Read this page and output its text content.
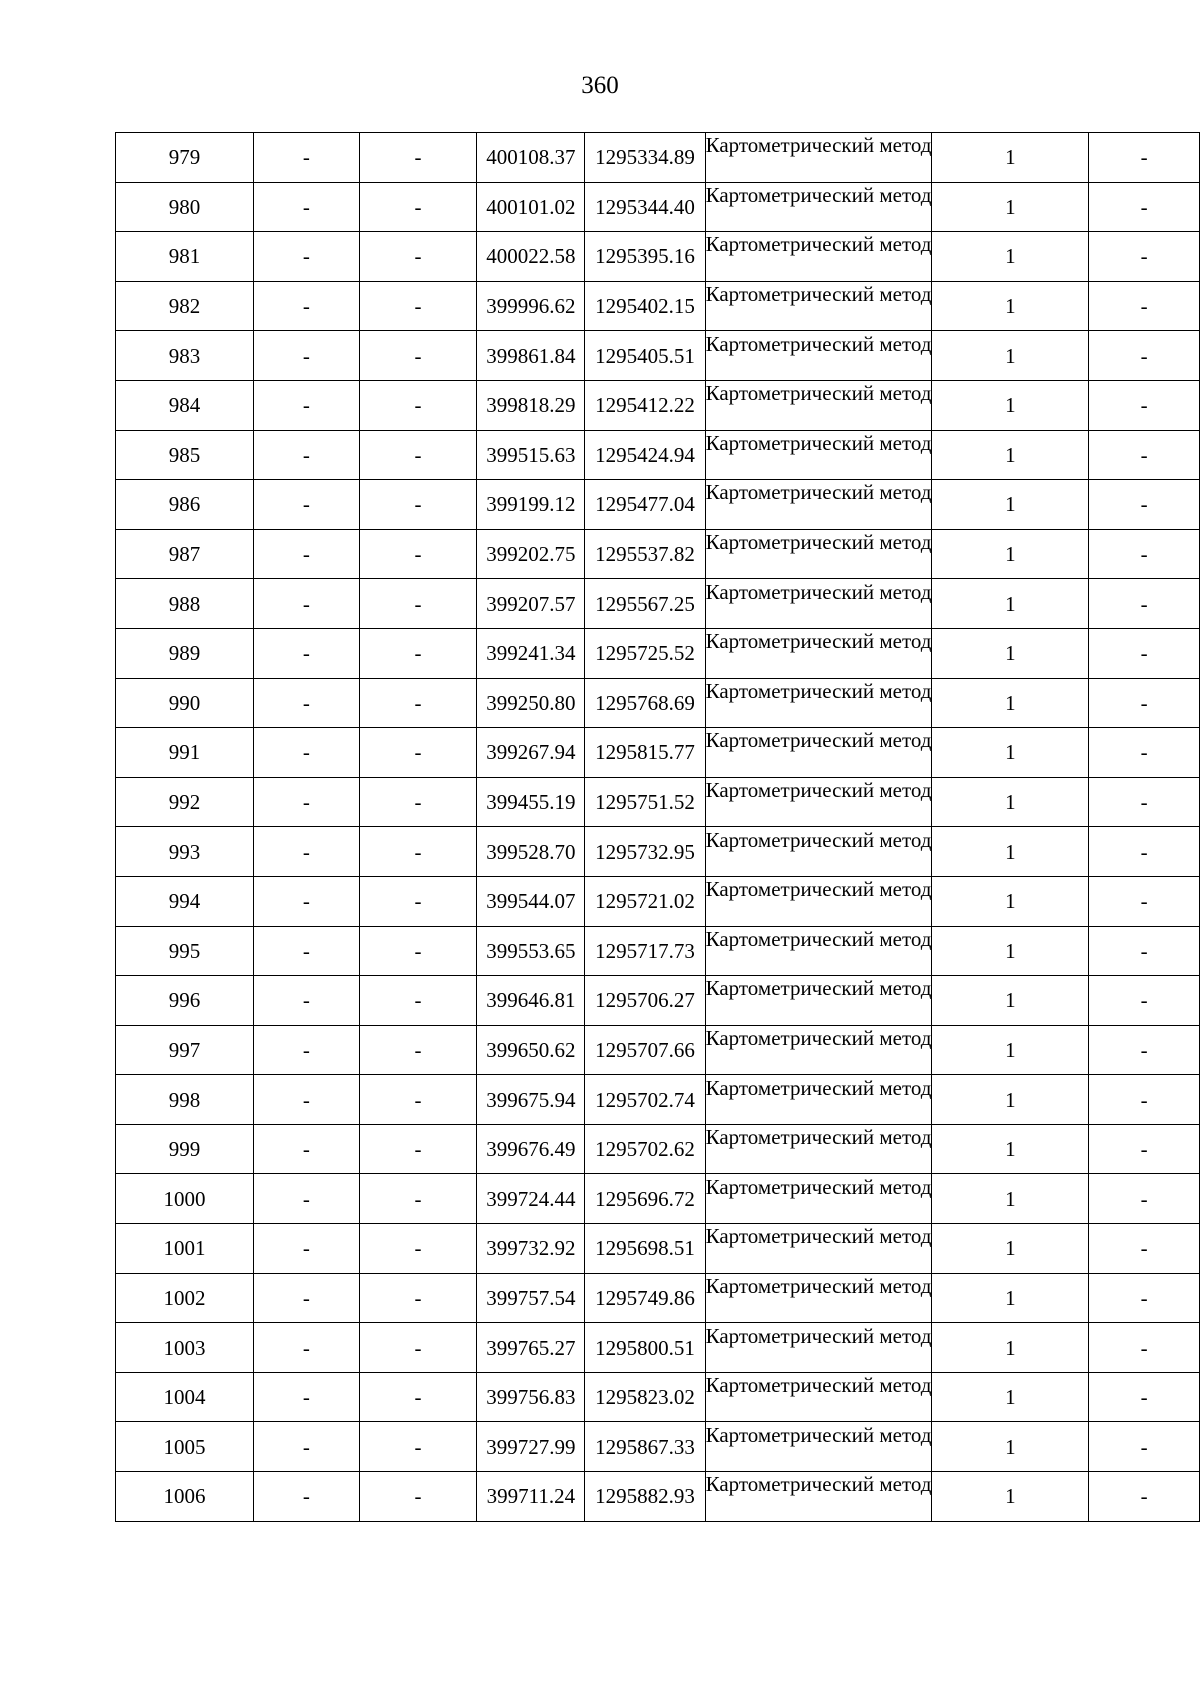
360
979	-	-	400108.37	1295334.89	Картометрический метод	1	-
980	-	-	400101.02	1295344.40	Картометрический метод	1	-
981	-	-	400022.58	1295395.16	Картометрический метод	1	-
982	-	-	399996.62	1295402.15	Картометрический метод	1	-
983	-	-	399861.84	1295405.51	Картометрический метод	1	-
984	-	-	399818.29	1295412.22	Картометрический метод	1	-
985	-	-	399515.63	1295424.94	Картометрический метод	1	-
986	-	-	399199.12	1295477.04	Картометрический метод	1	-
987	-	-	399202.75	1295537.82	Картометрический метод	1	-
988	-	-	399207.57	1295567.25	Картометрический метод	1	-
989	-	-	399241.34	1295725.52	Картометрический метод	1	-
990	-	-	399250.80	1295768.69	Картометрический метод	1	-
991	-	-	399267.94	1295815.77	Картометрический метод	1	-
992	-	-	399455.19	1295751.52	Картометрический метод	1	-
993	-	-	399528.70	1295732.95	Картометрический метод	1	-
994	-	-	399544.07	1295721.02	Картометрический метод	1	-
995	-	-	399553.65	1295717.73	Картометрический метод	1	-
996	-	-	399646.81	1295706.27	Картометрический метод	1	-
997	-	-	399650.62	1295707.66	Картометрический метод	1	-
998	-	-	399675.94	1295702.74	Картометрический метод	1	-
999	-	-	399676.49	1295702.62	Картометрический метод	1	-
1000	-	-	399724.44	1295696.72	Картометрический метод	1	-
1001	-	-	399732.92	1295698.51	Картометрический метод	1	-
1002	-	-	399757.54	1295749.86	Картометрический метод	1	-
1003	-	-	399765.27	1295800.51	Картометрический метод	1	-
1004	-	-	399756.83	1295823.02	Картометрический метод	1	-
1005	-	-	399727.99	1295867.33	Картометрический метод	1	-
1006	-	-	399711.24	1295882.93	Картометрический метод	1	-
